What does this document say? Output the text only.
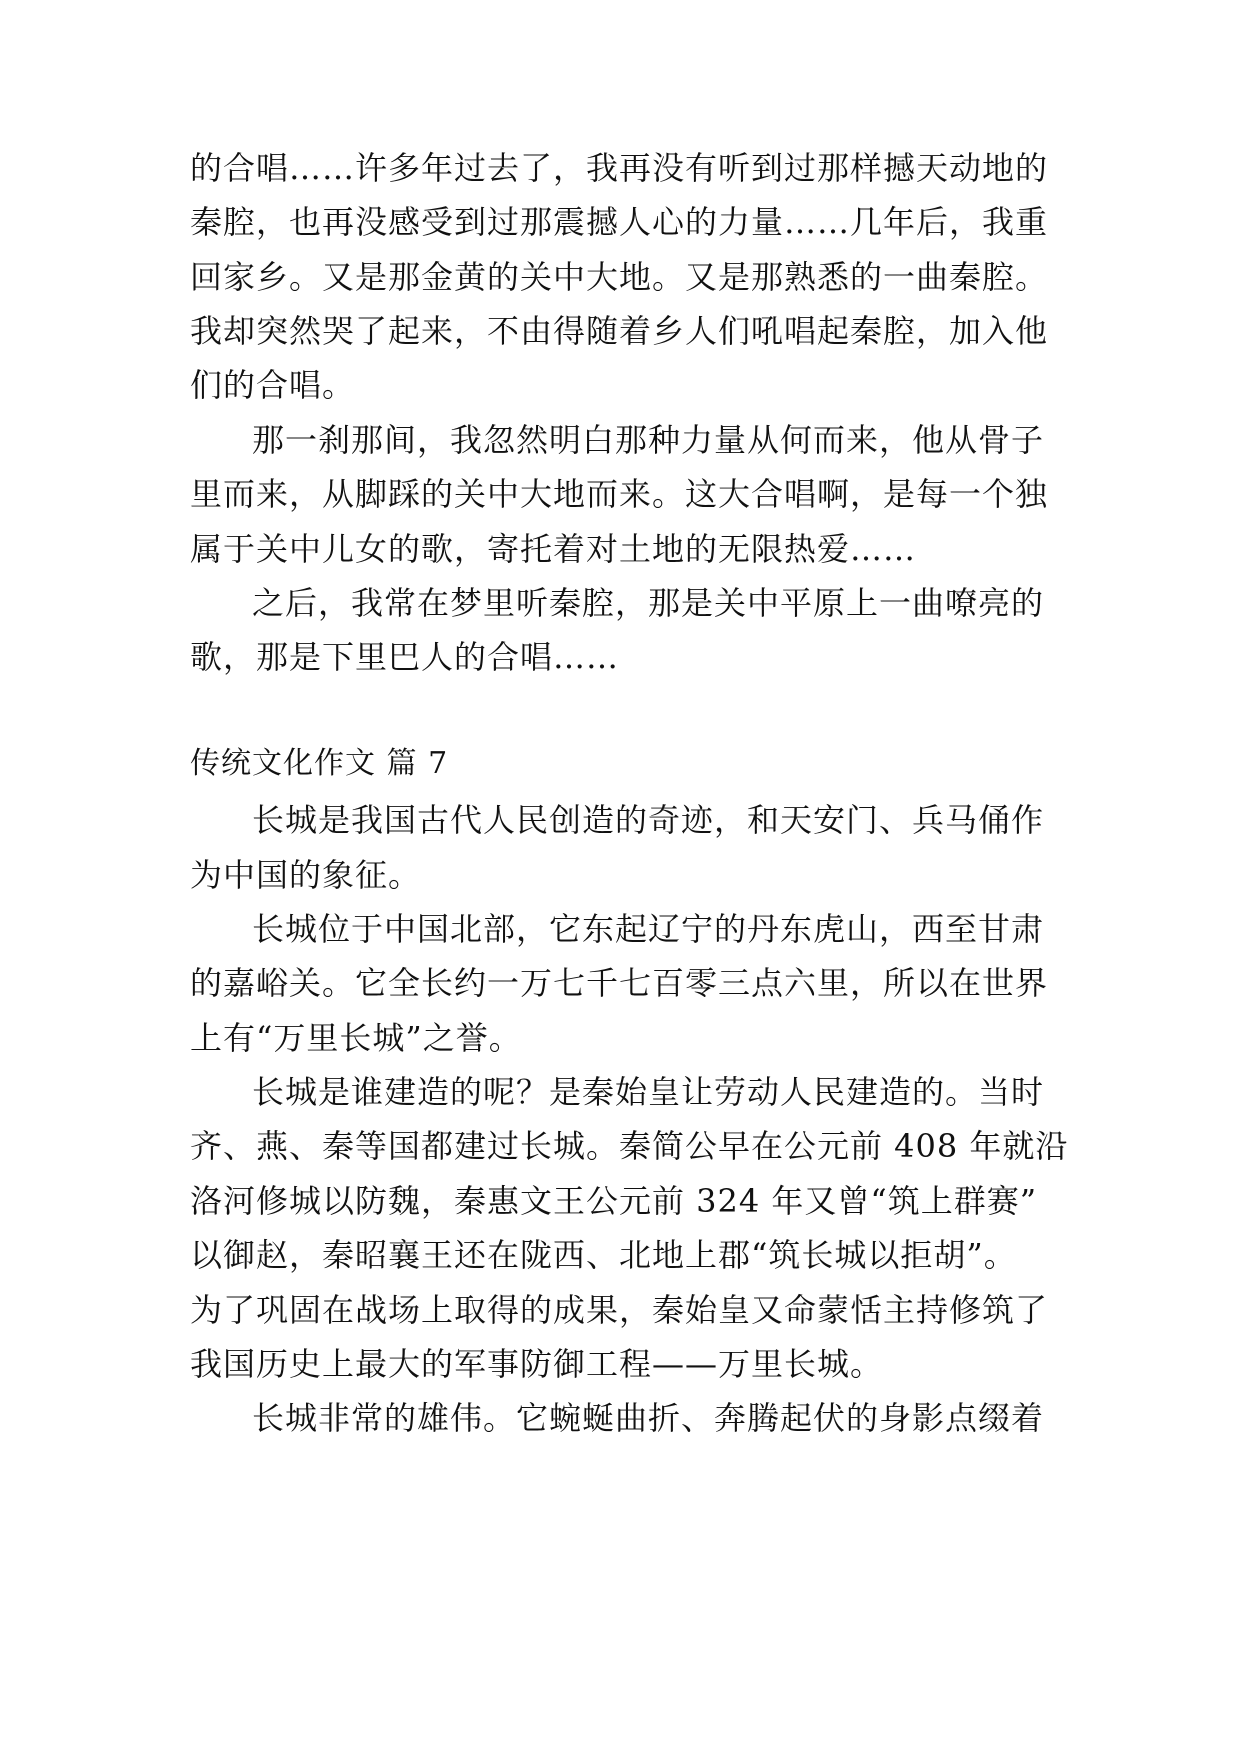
的合唱……许多年过去了，我再没有听到过那样撼天动地的

秦腔，也再没感受到过那震撼人心的力量……几年后，我重

回家乡。又是那金黄的关中大地。又是那熟悉的一曲秦腔。

我却突然哭了起来，不由得随着乡人们吼唱起秦腔，加入他

们的合唱。

那一刹那间，我忽然明白那种力量从何而来，他从骨子

里而来，从脚踩的关中大地而来。这大合唱啊，是每一个独

属于关中儿女的歌，寄托着对土地的无限热爱……

之后，我常在梦里听秦腔，那是关中平原上一曲嘹亮的

歌，那是下里巴人的合唱……

传统文化作文 篇 7

长城是我国古代人民创造的奇迹，和天安门、兵马俑作

为中国的象征。

长城位于中国北部，它东起辽宁的丹东虎山，西至甘肃

的嘉峪关。它全长约一万七千七百零三点六里，所以在世界

上有“万里长城”之誉。

长城是谁建造的呢？是秦始皇让劳动人民建造的。当时

齐、燕、秦等国都建过长城。秦简公早在公元前 408 年就沿

洛河修城以防魏，秦惠文王公元前 324 年又曾“筑上群赛”

以御赵，秦昭襄王还在陇西、北地上郡“筑长城以拒胡”。

为了巩固在战场上取得的成果，秦始皇又命蒙恬主持修筑了

我国历史上最大的军事防御工程——万里长城。

长城非常的雄伟。它蜿蜒曲折、奔腾起伏的身影点缀着
